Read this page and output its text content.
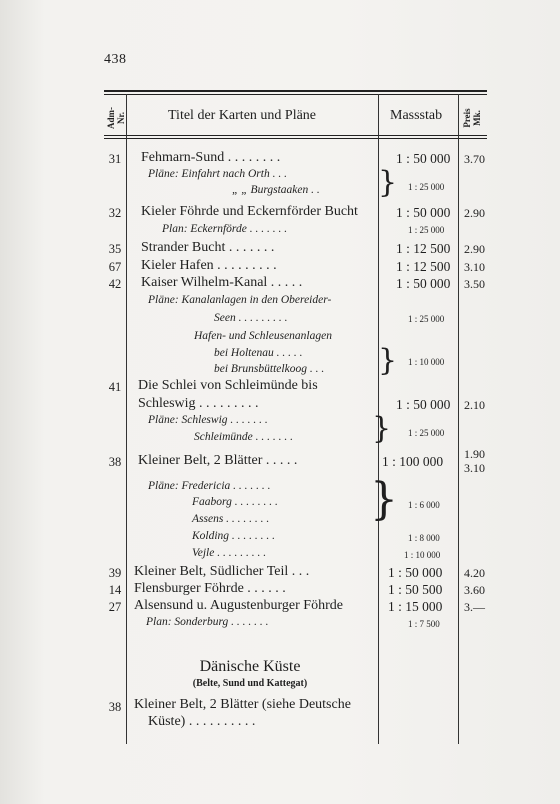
438
Adm-
Nr.	Titel der Karten und Pläne	Massstab Preis
Mk.
31	Fehmarn-Sund . . . . . . . .	1 : 50 000 3.70
Pläne: Einfahrt nach Orth . . .
„ „ Burgstaaken . . } 1 : 25 000
32	Kieler Föhrde und Eckernförder Bucht	1 : 50 000 2.90
Plan: Eckernförde . . . . . . .	1 : 25 000
35	Strander Bucht . . . . . . .	1 : 12 500 2.90
67	Kieler Hafen . . . . . . . . .	1 : 12 500 3.10
42	Kaiser Wilhelm-Kanal . . . . .	1 : 50 000 3.50
Pläne: Kanalanlagen in den Obereider-
Seen . . . . . . . . .	1 : 25 000
Hafen- und Schleusenanlagen
bei Holtenau . . . . .
bei Brunsbüttelkoog . . . } 1 : 10 000
41	Die Schlei von Schleimünde bis
Schleswig . . . . . . . . .	1 : 50 000 2.10
Pläne: Schleswig . . . . . . .
Schleimünde . . . . . . .	} 1 : 25 000
38	Kleiner Belt, 2 Blätter . . . . .	1 : 100 000 1.90
3.10
Pläne: Fredericia . . . . . . .
Faaborg . . . . . . . .
Assens . . . . . . . . } 1 : 6 000
Kolding . . . . . . . .	1 : 8 000
Vejle . . . . . . . . .	1 : 10 000
39 Kleiner Belt, Südlicher Teil . . .	1 : 50 000 4.20
14 Flensburger Föhrde . . . . . .	1 : 50 500 3.60
27 Alsensund u. Augustenburger Föhrde	1 : 15 000 3.—
Plan: Sonderburg . . . . . . .	1 : 7 500
Dänische Küste
(Belte, Sund und Kattegat)
38 Kleiner Belt, 2 Blätter (siehe Deutsche
Küste) . . . . . . . . . .
